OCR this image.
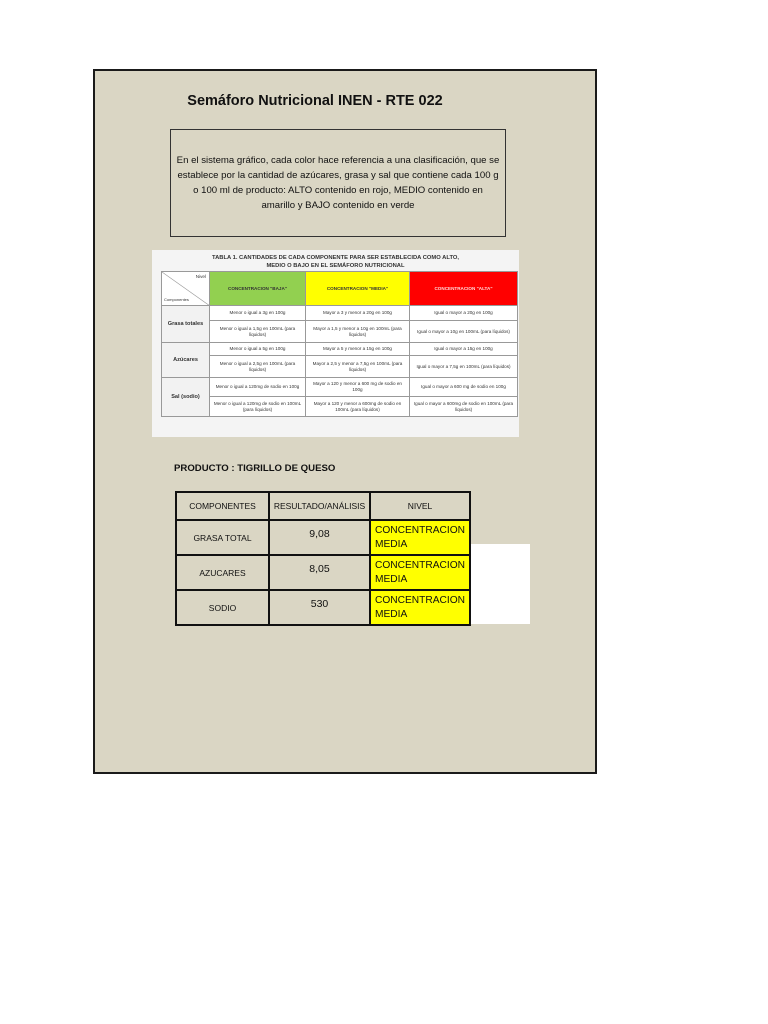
Semáforo Nutricional INEN - RTE 022
En el sistema gráfico, cada color hace referencia a una clasificación, que se establece por la cantidad de azúcares, grasa y sal que contiene cada 100 g o 100 ml de producto: ALTO contenido en rojo, MEDIO contenido en amarillo y BAJO contenido en verde
TABLA 1. CANTIDADES DE CADA COMPONENTE PARA SER ESTABLECIDA COMO ALTO,
MEDIO O BAJO EN EL SEMÁFORO NUTRICIONAL
Nivel
Componentes	CONCENTRACION "BAJA"	CONCENTRACION "MEDIA"	CONCENTRACION "ALTA"
Grasa totales	Menor o igual a 3g en 100g	Mayor a 3 y menor a 20g en 100g	Igual o mayor a 20g en 100g
	Menor o igual a 1,5g en 100mL (para líquidos)	Mayor a 1,5 y menor a 10g en 100mL (para líquidos)	Igual o mayor a 10g en 100mL (para líquidos)
Azúcares	Menor o igual a 5g en 100g	Mayor a 5 y menor a 15g en 100g	Igual o mayor a 15g en 100g
	Menor o igual a 2,5g en 100mL (para líquidos)	Mayor a 2,5 y menor a 7,5g en 100mL (para líquidos)	Igual o mayor a 7,5g en 100mL (para líquidos)
Sal (sodio)	Menor o igual a 120mg de sodio en 100g	Mayor a 120 y menor a 600 mg de sodio en 100g	Igual o mayor a 600 mg de sodio en 100g
	Menor o igual a 120mg de sodio en 100mL (para líquidos)	Mayor a 120 y menor a 600mg de sodio en 100mL (para líquidos)	Igual o mayor a 600mg de sodio en 100mL (para líquidos)
PRODUCTO : TIGRILLO DE QUESO
COMPONENTES	RESULTADO/ANÁLISIS	NIVEL
GRASA TOTAL	9,08	CONCENTRACION MEDIA
AZUCARES	8,05	CONCENTRACION MEDIA
SODIO	530	CONCENTRACION MEDIA
